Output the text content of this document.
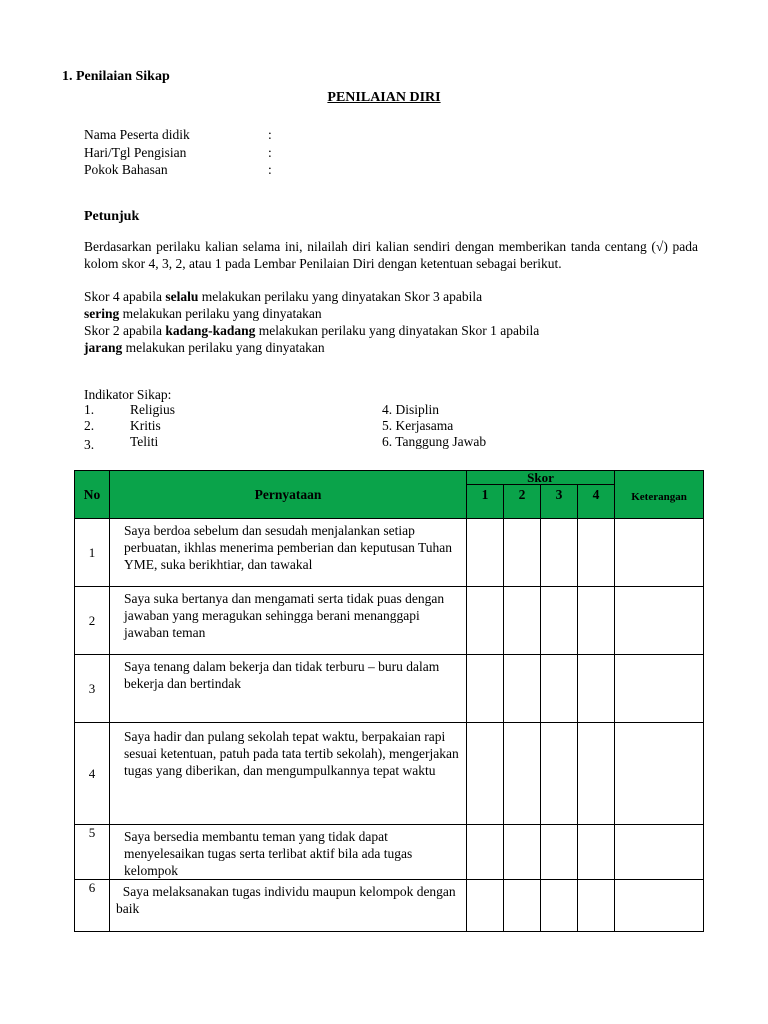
1. Penilaian Sikap
PENILAIAN DIRI
Nama Peserta didik	:
Hari/Tgl Pengisian	:
Pokok Bahasan	:
Petunjuk
Berdasarkan perilaku kalian selama ini, nilailah diri kalian sendiri dengan memberikan tanda centang (√) pada kolom skor 4, 3, 2, atau 1 pada Lembar Penilaian Diri dengan ketentuan sebagai berikut.
Skor 4 apabila selalu melakukan perilaku yang dinyatakan Skor 3 apabila
sering melakukan perilaku yang dinyatakan
Skor 2 apabila kadang-kadang melakukan perilaku yang dinyatakan Skor 1 apabila
jarang melakukan perilaku yang dinyatakan
Indikator Sikap:
1.	Religius
2.	Kritis
3.	Teliti
4. Disiplin
5. Kerjasama
6. Tanggung Jawab
No	Pernyataan	Skor				Keterangan
		1	2	3	4	
1	Saya berdoa sebelum dan sesudah menjalankan setiap perbuatan, ikhlas menerima pemberian dan keputusan Tuhan YME, suka berikhtiar, dan tawakal					
2	Saya suka bertanya dan mengamati serta tidak puas dengan jawaban yang meragukan sehingga berani menanggapi jawaban teman					
3	Saya tenang dalam bekerja dan tidak terburu – buru dalam bekerja dan bertindak					
4	Saya hadir dan pulang sekolah tepat waktu, berpakaian rapi sesuai ketentuan, patuh pada tata tertib sekolah), mengerjakan tugas yang diberikan, dan mengumpulkannya tepat waktu					
5	Saya bersedia membantu teman yang tidak dapat menyelesaikan tugas serta terlibat aktif bila ada tugas kelompok					
6	Saya melaksanakan tugas individu maupun kelompok dengan baik					
